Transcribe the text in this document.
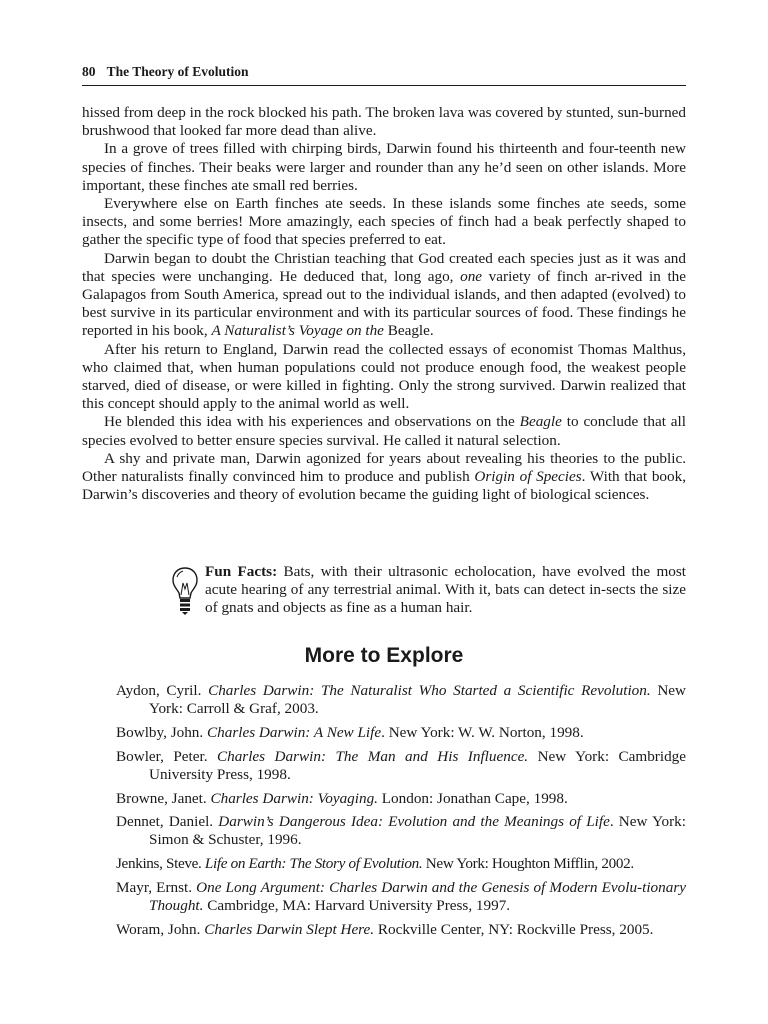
80 The Theory of Evolution

hissed from deep in the rock blocked his path. The broken lava was covered by stunted, sun-burned brushwood that looked far more dead than alive.

In a grove of trees filled with chirping birds, Darwin found his thirteenth and four-teenth new species of finches. Their beaks were larger and rounder than any he’d seen on other islands. More important, these finches ate small red berries.

Everywhere else on Earth finches ate seeds. In these islands some finches ate seeds, some insects, and some berries! More amazingly, each species of finch had a beak perfectly shaped to gather the specific type of food that species preferred to eat.

Darwin began to doubt the Christian teaching that God created each species just as it was and that species were unchanging. He deduced that, long ago, one variety of finch ar-rived in the Galapagos from South America, spread out to the individual islands, and then adapted (evolved) to best survive in its particular environment and with its particular sources of food. These findings he reported in his book, A Naturalist’s Voyage on the Beagle.

After his return to England, Darwin read the collected essays of economist Thomas Malthus, who claimed that, when human populations could not produce enough food, the weakest people starved, died of disease, or were killed in fighting. Only the strong survived. Darwin realized that this concept should apply to the animal world as well.

He blended this idea with his experiences and observations on the Beagle to conclude that all species evolved to better ensure species survival. He called it natural selection.

A shy and private man, Darwin agonized for years about revealing his theories to the public. Other naturalists finally convinced him to produce and publish Origin of Species. With that book, Darwin’s discoveries and theory of evolution became the guiding light of biological sciences.

Fun Facts: Bats, with their ultrasonic echolocation, have evolved the most acute hearing of any terrestrial animal. With it, bats can detect in-sects the size of gnats and objects as fine as a human hair.
More to Explore
Aydon, Cyril. Charles Darwin: The Naturalist Who Started a Scientific Revolution. New York: Carroll & Graf, 2003.
Bowlby, John. Charles Darwin: A New Life. New York: W. W. Norton, 1998.
Bowler, Peter. Charles Darwin: The Man and His Influence. New York: Cambridge University Press, 1998.
Browne, Janet. Charles Darwin: Voyaging. London: Jonathan Cape, 1998.
Dennet, Daniel. Darwin’s Dangerous Idea: Evolution and the Meanings of Life. New York: Simon & Schuster, 1996.
Jenkins, Steve. Life on Earth: The Story of Evolution. New York: Houghton Mifflin, 2002.
Mayr, Ernst. One Long Argument: Charles Darwin and the Genesis of Modern Evolu-tionary Thought. Cambridge, MA: Harvard University Press, 1997.
Woram, John. Charles Darwin Slept Here. Rockville Center, NY: Rockville Press, 2005.
